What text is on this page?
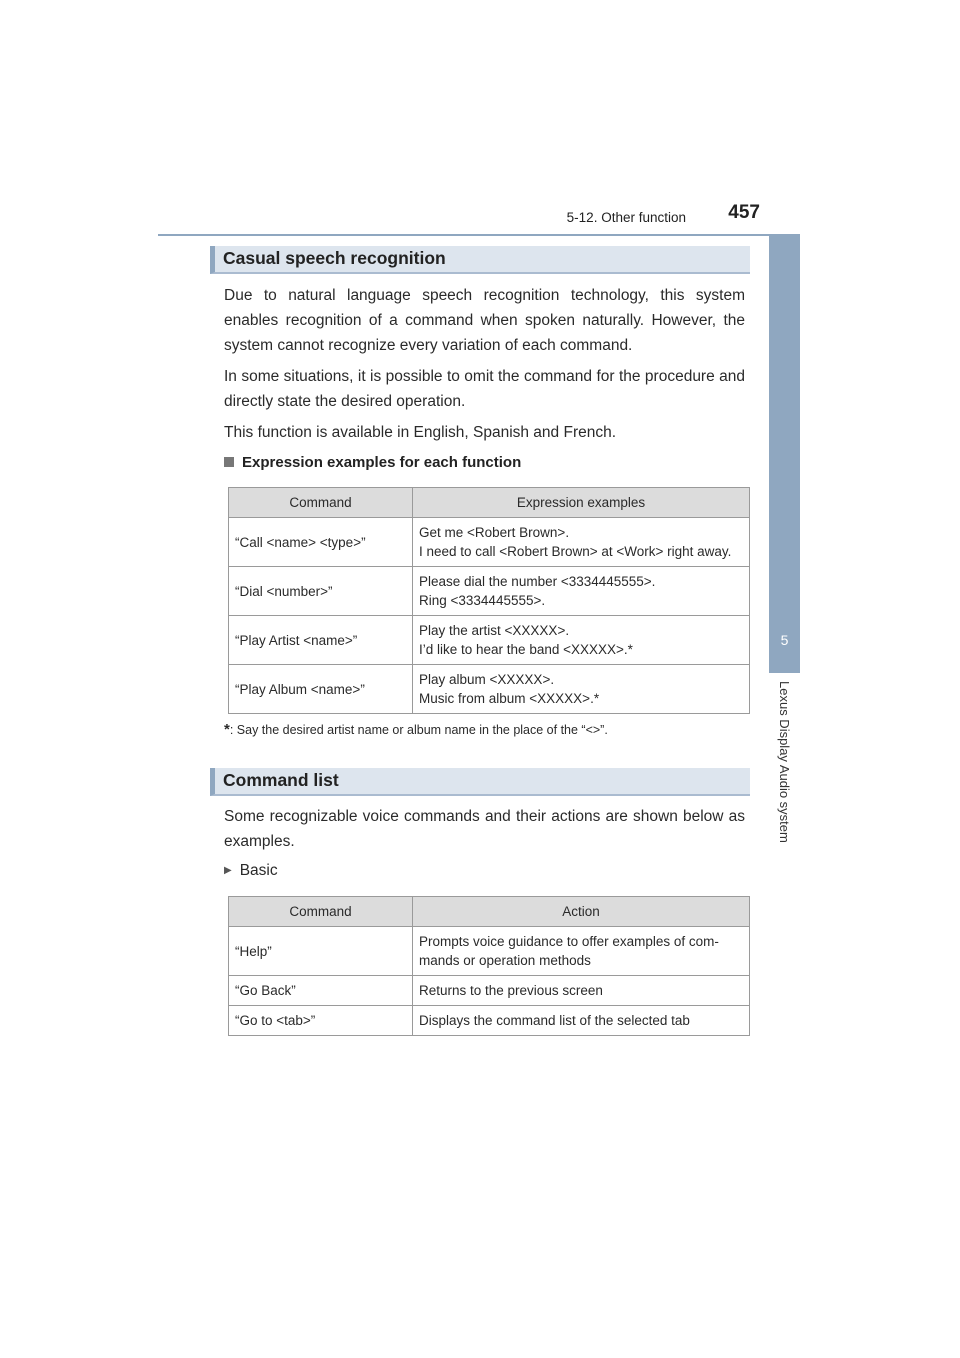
5-12. Other function 457
5
Lexus Display Audio system
Casual speech recognition
Due to natural language speech recognition technology, this system enables recognition of a command when spoken naturally. However, the system cannot recognize every variation of each command.
In some situations, it is possible to omit the command for the procedure and directly state the desired operation.
This function is available in English, Spanish and French.
Expression examples for each function
Command	Expression examples
“Call <name> <type>”	Get me <Robert Brown>.
I need to call <Robert Brown> at <Work> right away.

“Dial <number>”	Please dial the number <3334445555>.
Ring <3334445555>.

“Play Artist <name>”	Play the artist <XXXXX>.
I’d like to hear the band <XXXXX>.*

“Play Album <name>”	Play album <XXXXX>.
Music from album <XXXXX>.*
*: Say the desired artist name or album name in the place of the “<>”.
Command list
Some recognizable voice commands and their actions are shown below as examples.
▶ Basic
Command	Action
“Help”	Prompts voice guidance to offer examples of com-
mands or operation methods

“Go Back”	Returns to the previous screen
“Go to <tab>”	Displays the command list of the selected tab
